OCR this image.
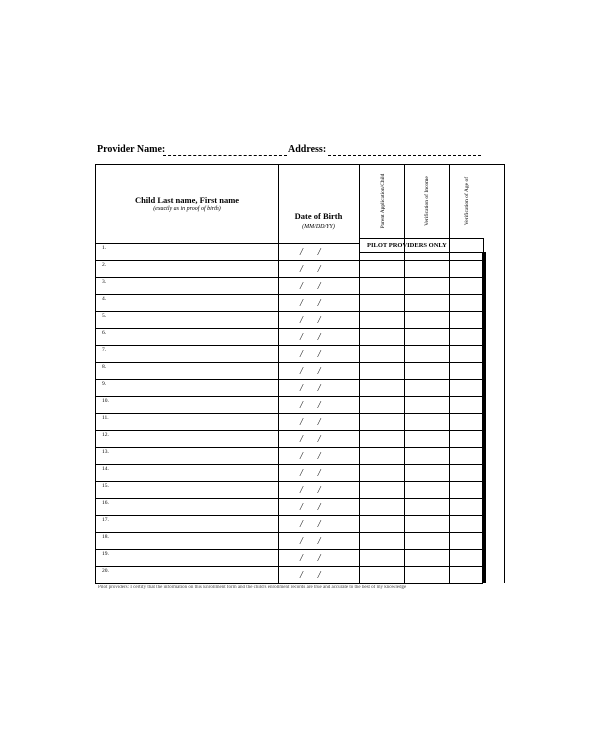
Provider Name:	Address:
Child Last name, First name
(exactly as in proof of birth)
Date of Birth
(MM/DD/YY)	Parent Application/Child	Verification of Income	Verification of Age of
PILOT PROVIDERS ONLY
1.	/      /
2.	/      /
3.	/      /
4.	/      /
5.	/      /
6.	/      /
7.	/      /
8.	/      /
9.	/      /
10.	/      /
11.	/      /
12.	/      /
13.	/      /
14.	/      /
15.	/      /
16.	/      /
17.	/      /
18.	/      /
19.	/      /
20.	/      /
Pilot providers: I certify that the information on this Enrollment form and the child's enrollment records are true and accurate to the best of my knowledge
